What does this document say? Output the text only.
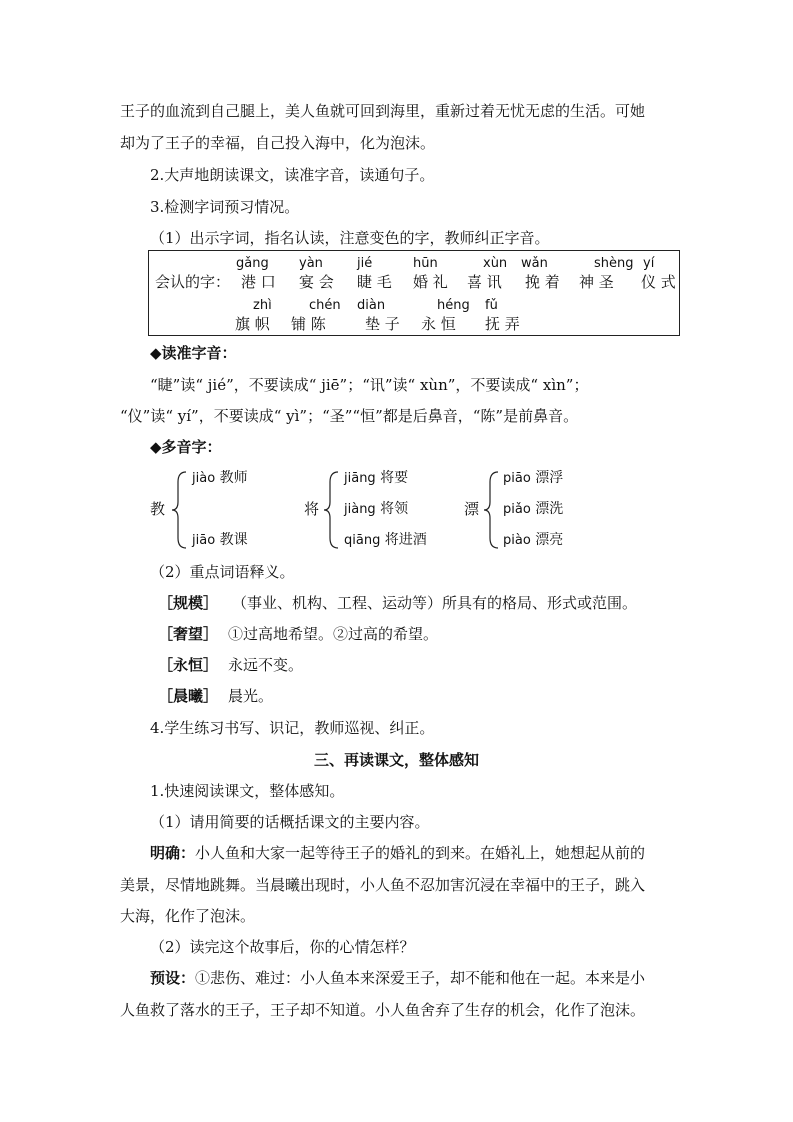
王子的血流到自己腿上，美人鱼就可回到海里，重新过着无忧无虑的生活。可她
却为了王子的幸福，自己投入海中，化为泡沫。
2.大声地朗读课文，读准字音，读通句子。
3.检测字词预习情况。
（1）出示字词，指名认读，注意变色的字，教师纠正字音。
会认的字：
gǎng
港 口
yàn
宴 会
jié
睫 毛
hūn
婚 礼
xùn
喜 讯
wǎn
挽 着
shèng
神 圣
yí
仪 式
zhì
旗 帜
chén
铺 陈
diàn
垫 子
héng
永 恒
fǔ
抚 弄
◆读准字音：
“睫”读“ jié”，不要读成“ jiē”；“讯”读“ xùn”，不要读成“ xìn”；
“仪”读“ yí”，不要读成“ yì”；“圣”“恒”都是后鼻音，“陈”是前鼻音。
◆多音字：
教
jiào 教师
jiāo 教课
将
jiāng 将要
jiàng 将领
qiāng 将进酒
漂
piāo 漂浮
piǎo 漂洗
piào 漂亮
（2）重点词语释义。
［规模］ （事业、机构、工程、运动等）所具有的格局、形式或范围。
［奢望］ ①过高地希望。②过高的希望。
［永恒］ 永远不变。
［晨曦］ 晨光。
4.学生练习书写、识记，教师巡视、纠正。
三、再读课文，整体感知
1.快速阅读课文，整体感知。
（1）请用简要的话概括课文的主要内容。
明确：小人鱼和大家一起等待王子的婚礼的到来。在婚礼上，她想起从前的
美景，尽情地跳舞。当晨曦出现时，小人鱼不忍加害沉浸在幸福中的王子，跳入
大海，化作了泡沫。
（2）读完这个故事后，你的心情怎样？
预设：①悲伤、难过：小人鱼本来深爱王子，却不能和他在一起。本来是小
人鱼救了落水的王子，王子却不知道。小人鱼舍弃了生存的机会，化作了泡沫。
